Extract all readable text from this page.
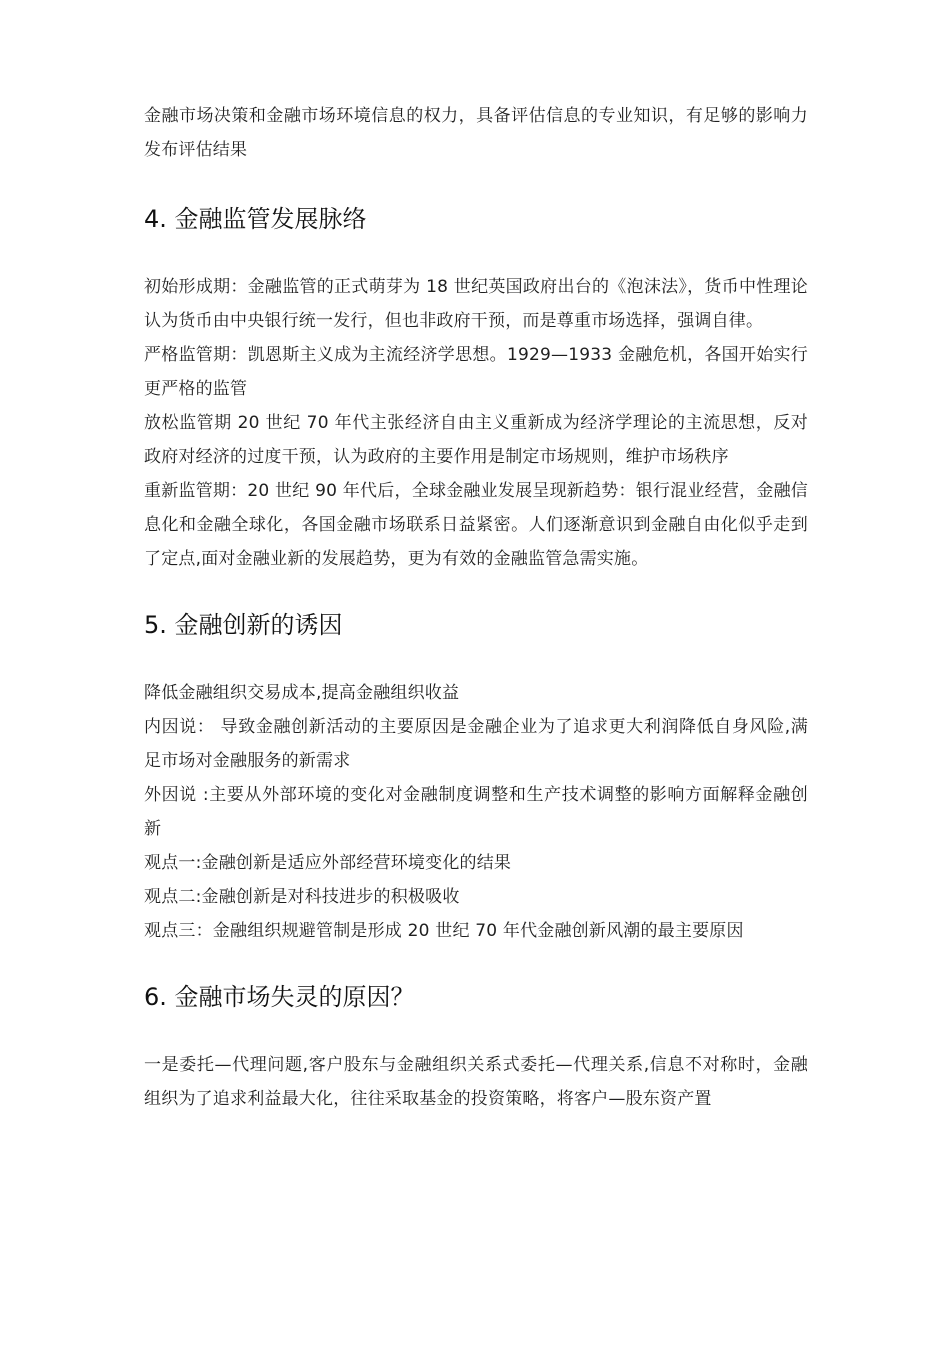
金融市场决策和金融市场环境信息的权力，具备评估信息的专业知识，有足够的影响力发布评估结果

4. 金融监管发展脉络

初始形成期：金融监管的正式萌芽为 18 世纪英国政府出台的《泡沫法》，货币中性理论认为货币由中央银行统一发行，但也非政府干预，而是尊重市场选择，强调自律。

严格监管期：凯恩斯主义成为主流经济学思想。1929—1933 金融危机，各国开始实行更严格的监管

放松监管期 20 世纪 70 年代主张经济自由主义重新成为经济学理论的主流思想，反对政府对经济的过度干预，认为政府的主要作用是制定市场规则，维护市场秩序

重新监管期：20 世纪 90 年代后，全球金融业发展呈现新趋势：银行混业经营，金融信息化和金融全球化，各国金融市场联系日益紧密。人们逐渐意识到金融自由化似乎走到了定点,面对金融业新的发展趋势，更为有效的金融监管急需实施。

5. 金融创新的诱因

降低金融组织交易成本,提高金融组织收益

内因说： 导致金融创新活动的主要原因是金融企业为了追求更大利润降低自身风险,满足市场对金融服务的新需求

外因说 :主要从外部环境的变化对金融制度调整和生产技术调整的影响方面解释金融创新

观点一:金融创新是适应外部经营环境变化的结果

观点二:金融创新是对科技进步的积极吸收

观点三：金融组织规避管制是形成 20 世纪 70 年代金融创新风潮的最主要原因

6. 金融市场失灵的原因？

一是委托—代理问题,客户股东与金融组织关系式委托—代理关系,信息不对称时，金融组织为了追求利益最大化，往往采取基金的投资策略，将客户—股东资产置
